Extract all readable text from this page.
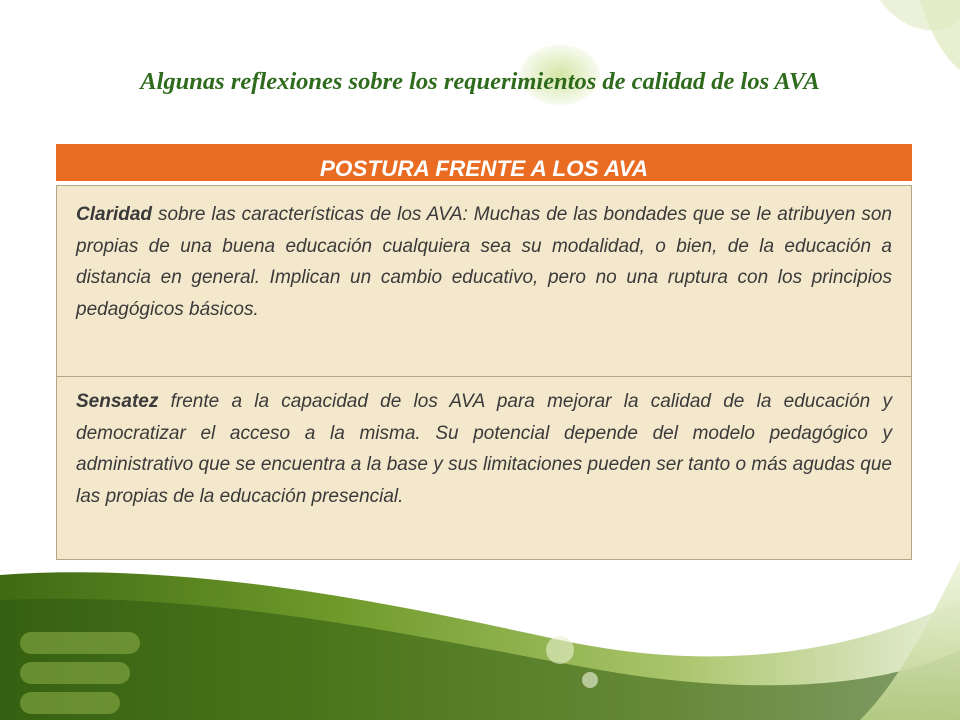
Algunas reflexiones sobre los requerimientos de calidad de los AVA
POSTURA FRENTE A LOS AVA
Claridad sobre las características de los AVA: Muchas de las bondades que se le atribuyen son propias de una buena educación cualquiera sea su modalidad, o bien, de la educación a distancia en general. Implican un cambio educativo, pero no una ruptura con los principios pedagógicos básicos.
Sensatez frente a la capacidad de los AVA para mejorar la calidad de la educación y democratizar el acceso a la misma. Su potencial depende del modelo pedagógico y administrativo que se encuentra a la base y sus limitaciones pueden ser tanto o más agudas que las propias de la educación presencial.
